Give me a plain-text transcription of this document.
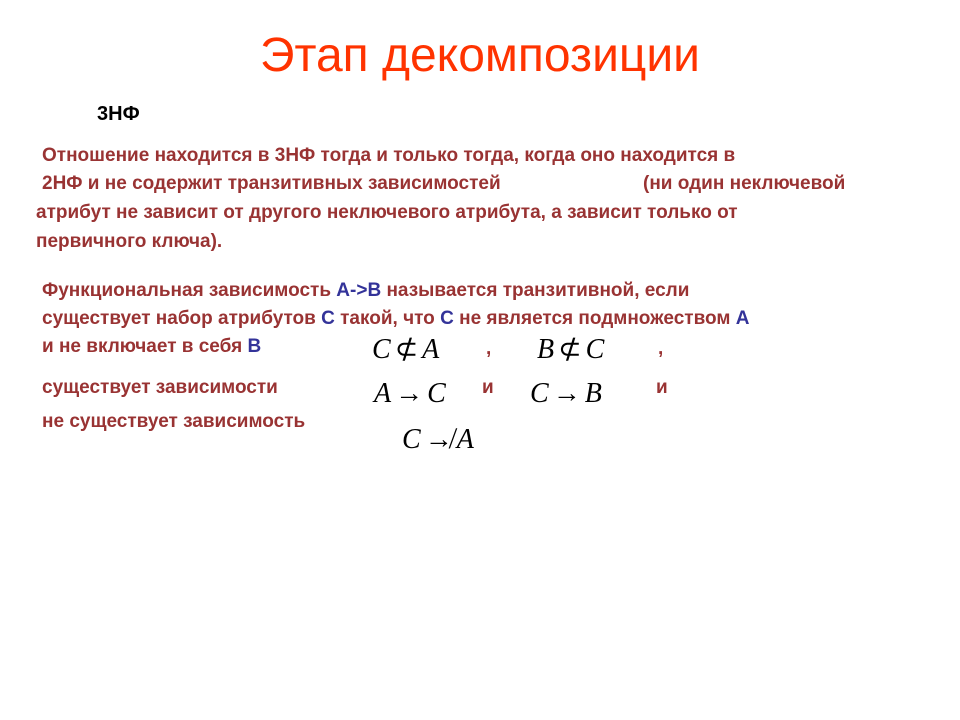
Этап декомпозиции
3НФ
Отношение находится в 3НФ тогда и только тогда, когда оно находится в
2НФ и не содержит транзитивных зависимостей	(ни один неключевой
атрибут не зависит от другого неключевого атрибута, а зависит только от
первичного ключа).
Функциональная зависимость A->B называется транзитивной, если
существует набор атрибутов C такой, что C не является подмножеством A
и не включает в себя B
существует зависимости
не существует зависимость
,	,
и	и
C ⊄ A	B ⊄ C
A → C	C → B
C ↛ A
